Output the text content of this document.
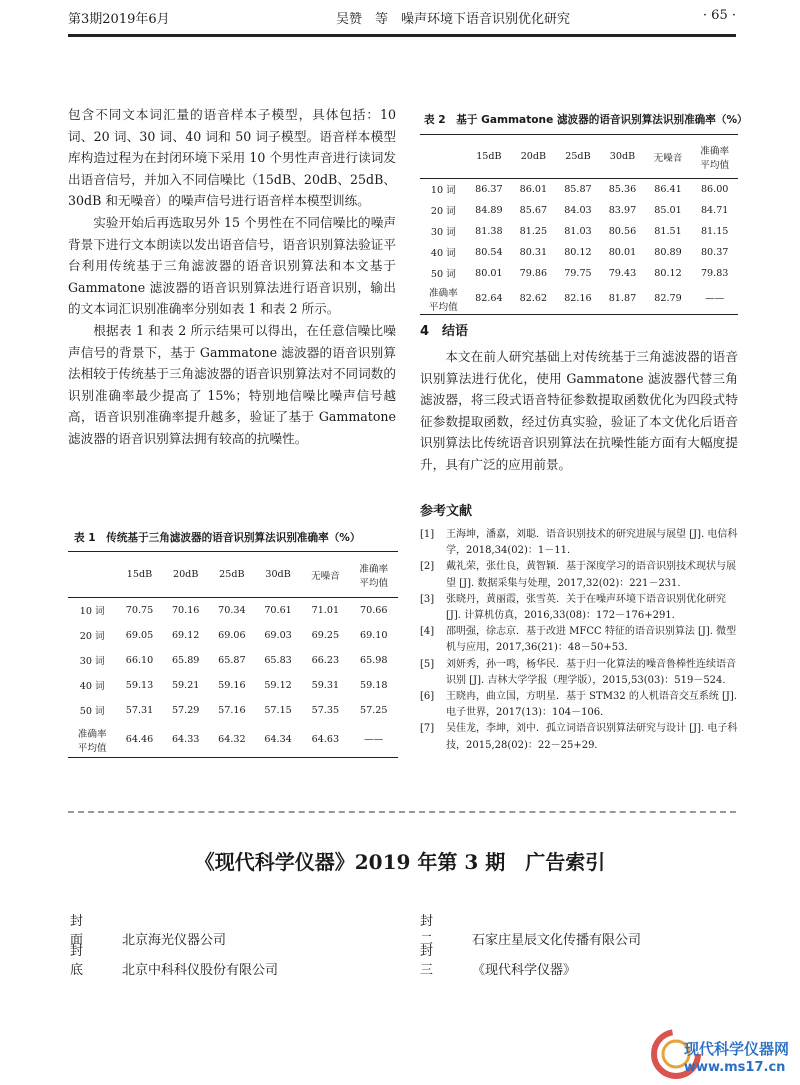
第3期2019年6月	吴赞　等　噪声环境下语音识别优化研究	· 65 ·

包含不同文本词汇量的语音样本子模型，具体包括：10 词、20 词、30 词、40 词和 50 词子模型。语音样本模型库构造过程为在封闭环境下采用 10 个男性声音进行读词发出语音信号，并加入不同信噪比（15dB、20dB、25dB、30dB 和无噪音）的噪声信号进行语音样本模型训练。

实验开始后再选取另外 15 个男性在不同信噪比的噪声背景下进行文本朗读以发出语音信号，语音识别算法验证平台利用传统基于三角滤波器的语音识别算法和本文基于 Gammatone 滤波器的语音识别算法进行语音识别，输出的文本词汇识别准确率分别如表 1 和表 2 所示。

根据表 1 和表 2 所示结果可以得出，在任意信噪比噪声信号的背景下，基于 Gammatone 滤波器的语音识别算法相较于传统基于三角滤波器的语音识别算法对不同词数的识别准确率最少提高了 15%；特别地信噪比噪声信号越高，语音识别准确率提升越多，验证了基于 Gammatone 滤波器的语音识别算法拥有较高的抗噪性。

表 1　传统基于三角滤波器的语音识别算法识别准确率（%）
	15dB	20dB	25dB	30dB	无噪音	准确率
平均值
10 词	70.75	70.16	70.34	70.61	71.01	70.66
20 词	69.05	69.12	69.06	69.03	69.25	69.10
30 词	66.10	65.89	65.87	65.83	66.23	65.98
40 词	59.13	59.21	59.16	59.12	59.31	59.18
50 词	57.31	57.29	57.16	57.15	57.35	57.25
准确率
平均值	64.46	64.33	64.32	64.34	64.63	——
表 2　基于 Gammatone 滤波器的语音识别算法识别准确率（%）
	15dB	20dB	25dB	30dB	无噪音	准确率
平均值
10 词	86.37	86.01	85.87	85.36	86.41	86.00
20 词	84.89	85.67	84.03	83.97	85.01	84.71
30 词	81.38	81.25	81.03	80.56	81.51	81.15
40 词	80.54	80.31	80.12	80.01	80.89	80.37
50 词	80.01	79.86	79.75	79.43	80.12	79.83
准确率
平均值	82.64	82.62	82.16	81.87	82.79	——
4　结语

本文在前人研究基础上对传统基于三角滤波器的语音识别算法进行优化，使用 Gammatone 滤波器代替三角滤波器，将三段式语音特征参数提取函数优化为四段式特征参数提取函数，经过仿真实验，验证了本文优化后语音识别算法比传统语音识别算法在抗噪性能方面有大幅度提升，具有广泛的应用前景。

参考文献
[1] 王海坤，潘嘉，刘聪．语音识别技术的研究进展与展望 [J]. 电信科学，2018,34(02)：1－11．
[2] 戴礼荣，张仕良，黄智颖．基于深度学习的语音识别技术现状与展望 [J]. 数据采集与处理，2017,32(02)：221－231．
[3] 张晓丹，黄丽霞，张雪英．关于在噪声环境下语音识别优化研究 [J]. 计算机仿真，2016,33(08)：172－176+291．
[4] 邵明强，徐志京．基于改进 MFCC 特征的语音识别算法 [J]. 微型机与应用，2017,36(21)：48－50+53．
[5] 刘妍秀，孙一鸣，杨华民．基于归一化算法的噪音鲁棒性连续语音识别 [J]. 吉林大学学报（理学版），2015,53(03)：519－524．
[6] 王晓冉，曲立国，方明星．基于 STM32 的人机语音交互系统 [J]. 电子世界，2017(13)：104－106．
[7] 吴佳龙，李坤，刘中．孤立词语音识别算法研究与设计 [J]. 电子科技，2015,28(02)：22－25+29．
《现代科学仪器》2019 年第 3 期　广告索引
封　面 北京海光仪器公司
封　二 石家庄星辰文化传播有限公司
封　底 北京中科科仪股份有限公司
封　三 《现代科学仪器》
现代科学仪器网
www.ms17.cn
